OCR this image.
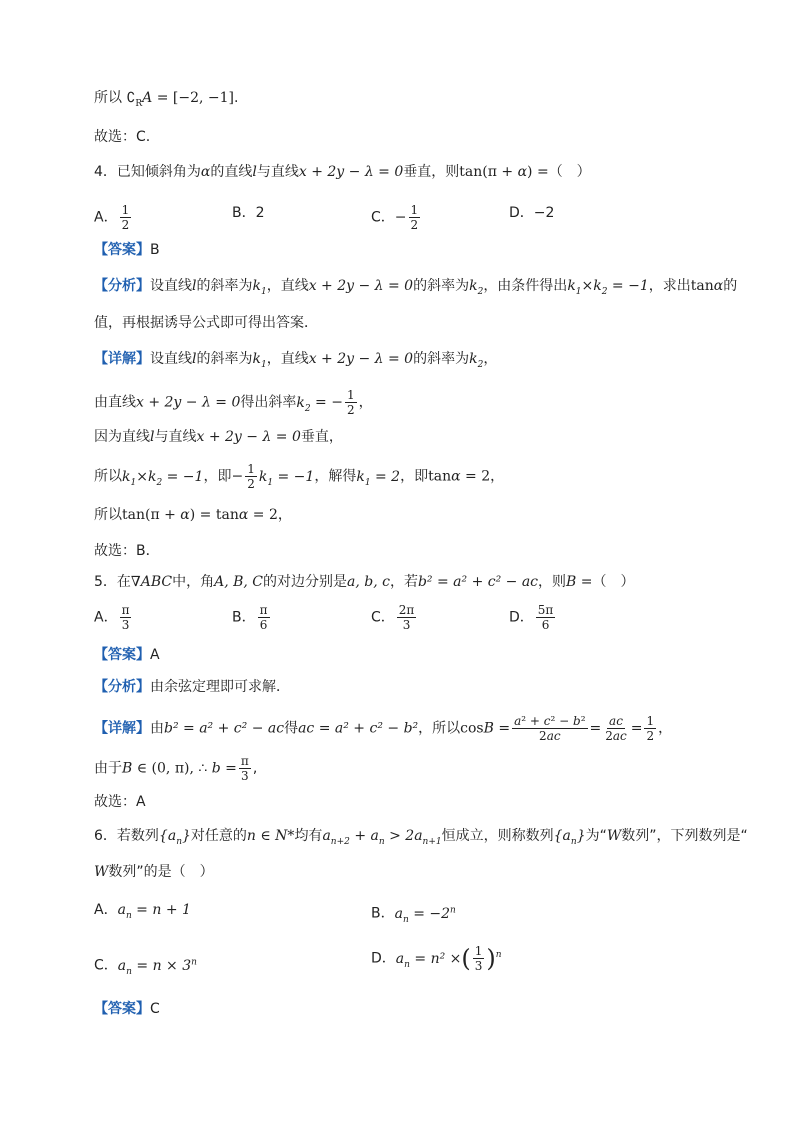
所以 $∁_RA = [-2$, −1].
故选：C.
4．已知倾斜角为α的直线l与直线x + 2y − λ = 0垂直，则tan(π + α) =（　）
A． $\frac{1}{2}$	B．2	C．− $\frac{1}{2}$	D．−2
【答案】B
【分析】设直线l的斜率为$k_1$，直线x + 2y − λ = 0的斜率为$k_2$，由条件得出$k_1\times k_2 = -1$，求出tanα的
值，再根据诱导公式即可得出答案．
【详解】设直线l的斜率为$k_1$，直线x + 2y − λ = 0的斜率为$k_2$，
由直线x + 2y − λ = 0得出斜率$k_2$ = − $\frac{1}{2}$ ，
因为直线l与直线x + 2y − λ = 0垂直，
所以$k_1\times k_2 = -1$，即− $\frac{1}{2} k_1 = -1$，解得$k_1 = 2$，即tanα = 2，
所以tan(π + α) = tanα = 2，
故选：B．
5．在∇ABC中，角A, B, C的对边分别是a, b, c，若b² = a² + c² − ac，则B =（　）
A． $\frac{\pi}{3}$	B． $\frac{\pi}{6}$	C． $\frac{2\pi}{3}$	D． $\frac{5\pi}{6}$
【答案】A
【分析】由余弦定理即可求解．
【详解】由b² = a² + c² − ac得ac = a² + c² − b²，所以$\cos B = \frac{\text{a² + c² − b²}}{2ac} = \frac{ac}{2ac} = \frac{1}{2}$ ，
由于B ∈ (0, π), ∴ $b = \frac{\pi}{3}$ ,
故选：A
6．若数列$\{a_n\}$对任意的n ∈ N*均有$a_{n+2} + a_n > 2a_{n+1}$恒成立，则称数列$\{a_n\}$为“W数列”，下列数列是“
W数列”的是（　）
A．$a_n = n + 1$	B．$a_n = -2^n$
C．$a_n = n \times 3^n$	D．$a_n = n^2$ ×( $\frac{1}{3} )^n$
【答案】C
